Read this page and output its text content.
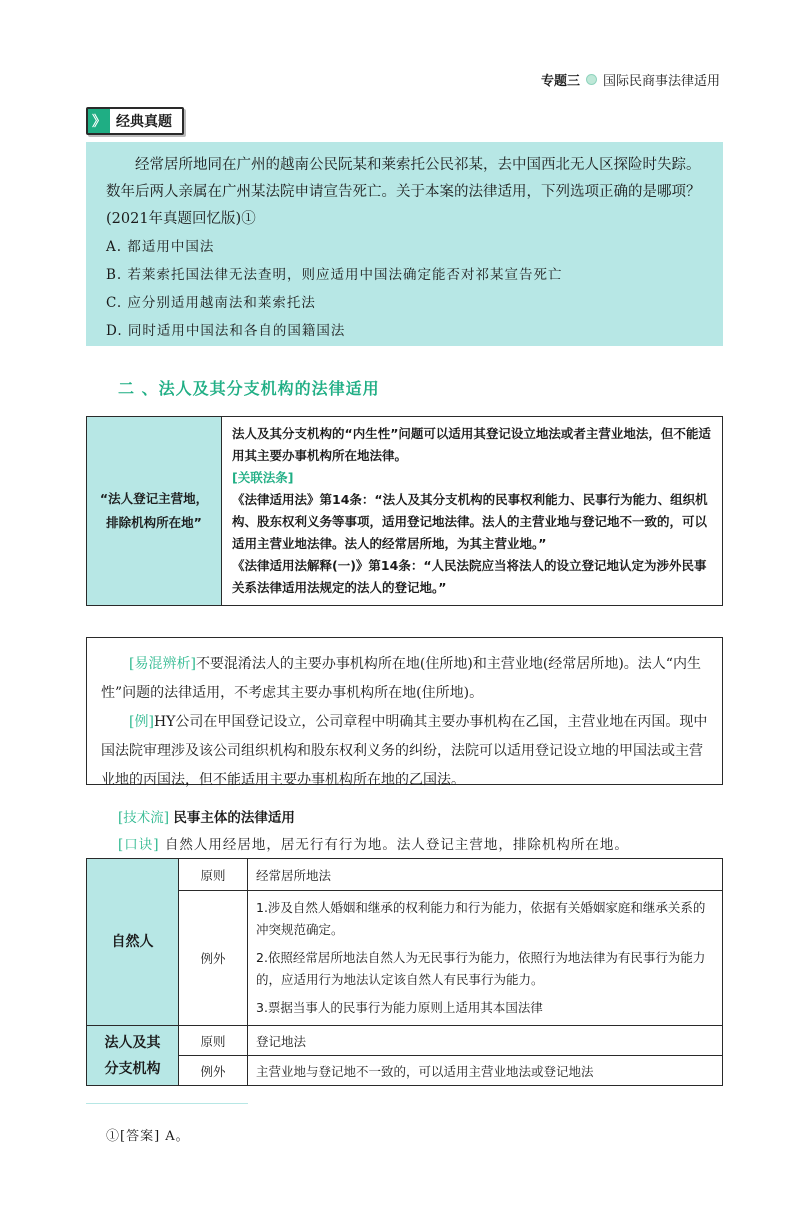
专题三 国际民商事法律适用
》 经典真题

经常居所地同在广州的越南公民阮某和莱索托公民祁某，去中国西北无人区探险时失踪。数年后两人亲属在广州某法院申请宣告死亡。关于本案的法律适用，下列选项正确的是哪项？(2021年真题回忆版)①

A. 都适用中国法

B. 若莱索托国法律无法查明，则应适用中国法确定能否对祁某宣告死亡

C. 应分别适用越南法和莱索托法

D. 同时适用中国法和各自的国籍国法

二 、法人及其分支机构的法律适用
“法人登记主营地，
排除机构所在地”

法人及其分支机构的“内生性”问题可以适用其登记设立地法或者主营业地法，但不能适用其主要办事机构所在地法律。
[关联法条]
《法律适用法》第14条：“法人及其分支机构的民事权利能力、民事行为能力、组织机构、股东权利义务等事项，适用登记地法律。法人的主营业地与登记地不一致的，可以适用主营业地法律。法人的经常居所地，为其主营业地。”
《法律适用法解释(一)》第14条：“人民法院应当将法人的设立登记地认定为涉外民事关系法律适用法规定的法人的登记地。”

[易混辨析]不要混淆法人的主要办事机构所在地(住所地)和主营业地(经常居所地)。法人“内生性”问题的法律适用，不考虑其主要办事机构所在地(住所地)。

[例]HY公司在甲国登记设立，公司章程中明确其主要办事机构在乙国，主营业地在丙国。现中国法院审理涉及该公司组织机构和股东权利义务的纠纷，法院可以适用登记设立地的甲国法或主营业地的丙国法，但不能适用主要办事机构所在地的乙国法。

[技术流] 民事主体的法律适用
[口诀] 自然人用经居地，居无行有行为地。法人登记主营地，排除机构所在地。
自然人	原则	经常居所地法
	例外	1.涉及自然人婚姻和继承的权利能力和行为能力，依据有关婚姻家庭和继承关系的冲突规范确定。

2.依照经常居所地法自然人为无民事行为能力，依照行为地法律为有民事行为能力的，应适用行为地法认定该自然人有民事行为能力。

3.票据当事人的民事行为能力原则上适用其本国法律

法人及其
分支机构	原则	登记地法
	例外	主营业地与登记地不一致的，可以适用主营业地法或登记地法
①[答案] A。
